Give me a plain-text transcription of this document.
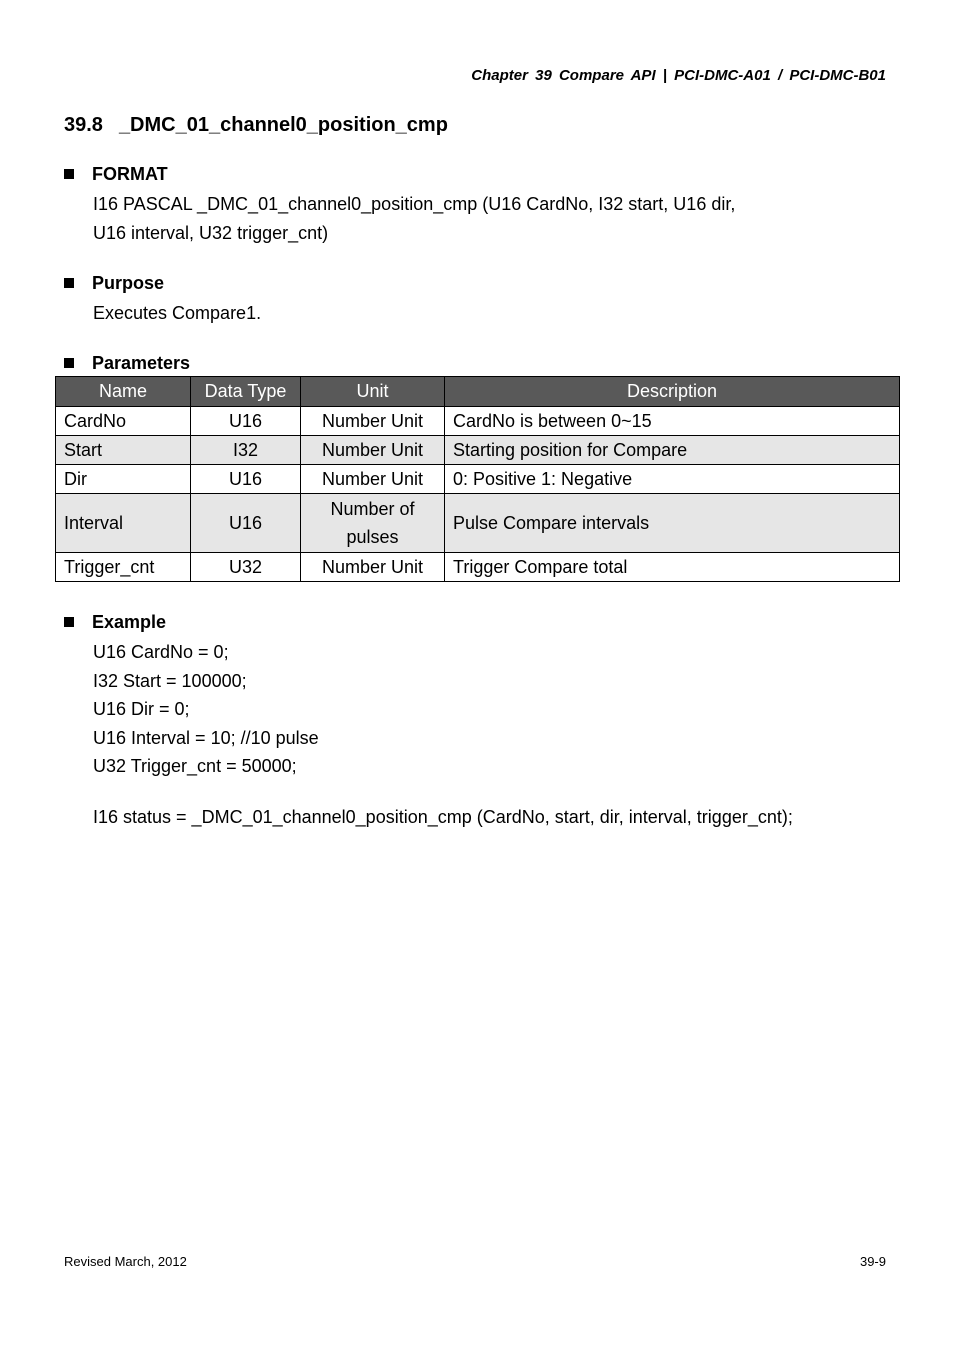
Chapter 39 Compare API | PCI-DMC-A01 / PCI-DMC-B01
39.8 _DMC_01_channel0_position_cmp
FORMAT
I16 PASCAL _DMC_01_channel0_position_cmp (U16 CardNo, I32 start, U16 dir,
U16 interval, U32 trigger_cnt)
Purpose
Executes Compare1.
Parameters
Name	Data Type	Unit	Description
CardNo	U16	Number Unit	CardNo is between 0~15
Start	I32	Number Unit	Starting position for Compare
Dir	U16	Number Unit	0: Positive 1: Negative
Interval	U16	Number of pulses	Pulse Compare intervals
Trigger_cnt	U32	Number Unit	Trigger Compare total
Example
U16 CardNo = 0;
I32 Start = 100000;
U16 Dir = 0;
U16 Interval = 10; //10 pulse
U32 Trigger_cnt = 50000;
I16 status = _DMC_01_channel0_position_cmp (CardNo, start, dir, interval, trigger_cnt);
Revised March, 2012	39-9
